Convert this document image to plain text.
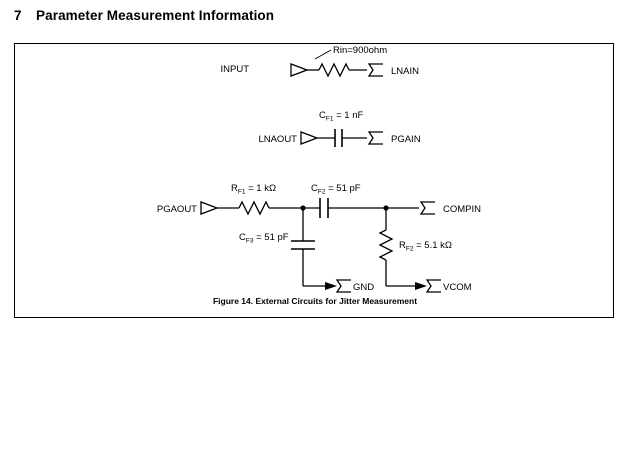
7 Parameter Measurement Information
INPUT	LNAIN
Rin=900ohm
LNAOUT	PGAIN
CF1 = 1 nF
PGAOUT	COMPIN
RF1 = 1 kΩ	CF2 = 51 pF
GND
CF3 = 51 pF
VCOM
RF2 = 5.1 kΩ
Figure 14. External Circuits for Jitter Measurement
